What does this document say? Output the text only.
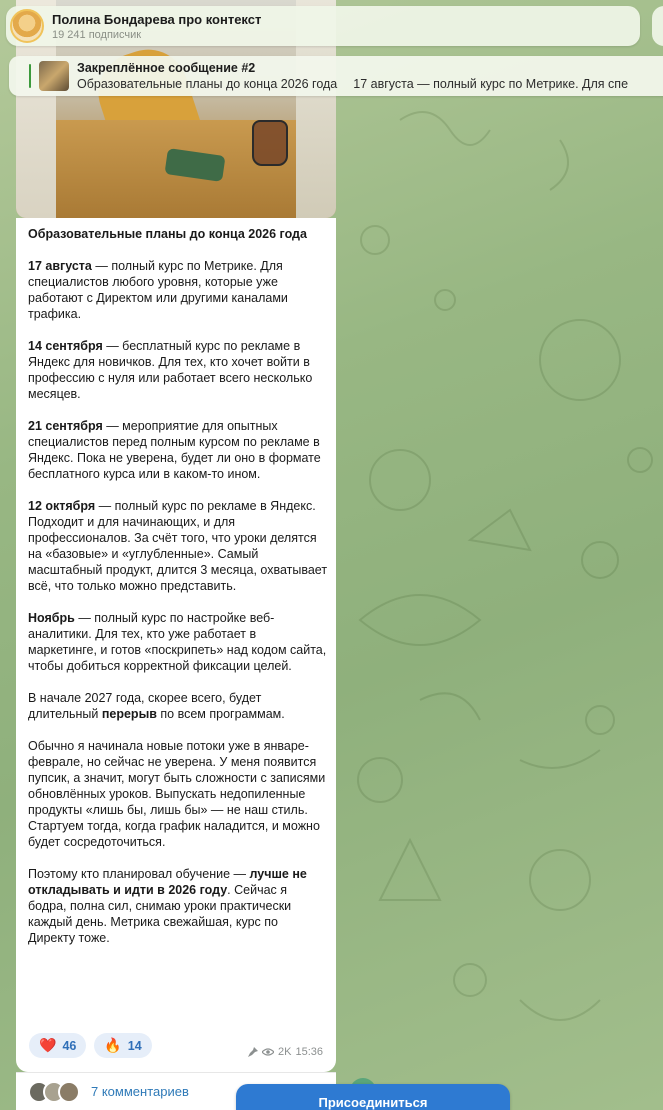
Образовательные планы до конца 2026 года

17 августа — полный курс по Метрике. Для специалистов любого уровня, которые уже работают с Директом или другими каналами трафика.

14 сентября — бесплатный курс по рекламе в Яндекс для новичков. Для тех, кто хочет войти в профессию с нуля или работает всего несколько месяцев.

21 сентября — мероприятие для опытных специалистов перед полным курсом по рекламе в Яндекс. Пока не уверена, будет ли оно в формате бесплатного курса или в каком-то ином.

12 октября — полный курс по рекламе в Яндекс. Подходит и для начинающих, и для профессионалов. За счёт того, что уроки делятся на «базовые» и «углубленные». Самый масштабный продукт, длится 3 месяца, охватывает всё, что только можно представить.

Ноябрь — полный курс по настройке веб-аналитики. Для тех, кто уже работает в маркетинге, и готов «поскрипеть» над кодом сайта, чтобы добиться корректной фиксации целей.

В начале 2027 года, скорее всего, будет длительный перерыв по всем программам.

Обычно я начинала новые потоки уже в январе-феврале, но сейчас не уверена. У меня появится пупсик, а значит, могут быть сложности с записями обновлённых уроков. Выпускать недопиленные продукты «лишь бы, лишь бы» — не наш стиль. Стартуем тогда, когда график наладится, и можно будет сосредоточиться.

Поэтому кто планировал обучение — лучше не откладывать и идти в 2026 году. Сейчас я бодра, полна сил, снимаю уроки практически каждый день. Метрика свежайшая, курс по Директу тоже.

❤️ 46 🔥 14	2K 15:36
7 комментариев
Присоединиться
Полина Бондарева про контекст
19 241 подписчик
Закреплённое сообщение #2
Образовательные планы до конца 2026 года 17 августа — полный курс по Метрике. Для спе
